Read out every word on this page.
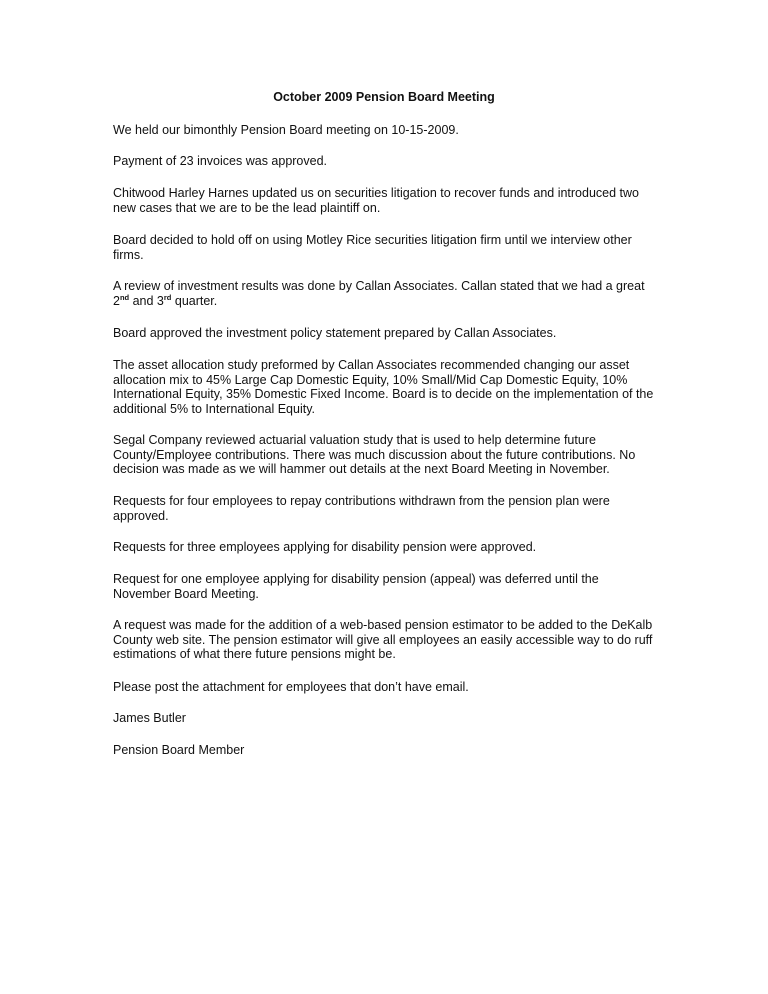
October 2009 Pension Board Meeting

We held our bimonthly Pension Board meeting on 10-15-2009.

Payment of 23 invoices was approved.

Chitwood Harley Harnes updated us on securities litigation to recover funds and introduced two new cases that we are to be the lead plaintiff on.

Board decided to hold off on using Motley Rice securities litigation firm until we interview other firms.

A review of investment results was done by Callan Associates. Callan stated that we had a great
2nd and 3rd quarter.

Board approved the investment policy statement prepared by Callan Associates.

The asset allocation study preformed by Callan Associates recommended changing our asset allocation mix to 45% Large Cap Domestic Equity, 10% Small/Mid Cap Domestic Equity, 10% International Equity, 35% Domestic Fixed Income. Board is to decide on the implementation of the additional 5% to International Equity.

Segal Company reviewed actuarial valuation study that is used to help determine future County/Employee contributions. There was much discussion about the future contributions. No decision was made as we will hammer out details at the next Board Meeting in November.

Requests for four employees to repay contributions withdrawn from the pension plan were approved.

Requests for three employees applying for disability pension were approved.

Request for one employee applying for disability pension (appeal) was deferred until the November Board Meeting.

A request was made for the addition of a web-based pension estimator to be added to the DeKalb County web site. The pension estimator will give all employees an easily accessible way to do ruff estimations of what there future pensions might be.

Please post the attachment for employees that don’t have email.

James Butler

Pension Board Member
